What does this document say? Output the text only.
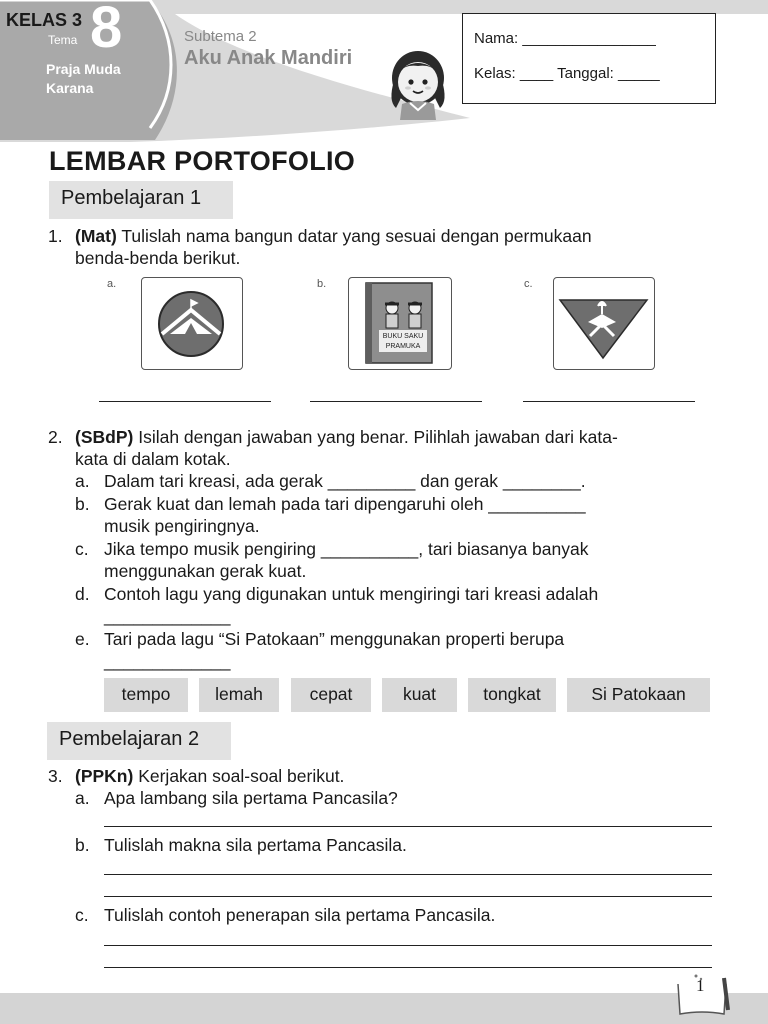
KELAS 3
Tema 8
Praja Muda
Karana
Subtema 2
Aku Anak Mandiri
Nama: ________________
Kelas: ____ Tanggal: _____
LEMBAR PORTOFOLIO
Pembelajaran 1
1. (Mat) Tulislah nama bangun datar yang sesuai dengan permukaan
benda-benda berikut.
a.	b.	c.
BUKU SAKU
PRAMUKA
2. (SBdP) Isilah dengan jawaban yang benar. Pilihlah jawaban dari kata-
kata di dalam kotak.
a. Dalam tari kreasi, ada gerak _________ dan gerak ________.
b. Gerak kuat dan lemah pada tari dipengaruhi oleh __________
musik pengiringnya.
c. Jika tempo musik pengiring __________, tari biasanya banyak
menggunakan gerak kuat.
d. Contoh lagu yang digunakan untuk mengiringi tari kreasi adalah
_____________
e. Tari pada lagu “Si Patokaan” menggunakan properti berupa
_____________
tempo	lemah	cepat	kuat	tongkat	Si Patokaan
Pembelajaran 2
3. (PPKn) Kerjakan soal-soal berikut.
a. Apa lambang sila pertama Pancasila?
b. Tulislah makna sila pertama Pancasila.
c. Tulislah contoh penerapan sila pertama Pancasila.
1
